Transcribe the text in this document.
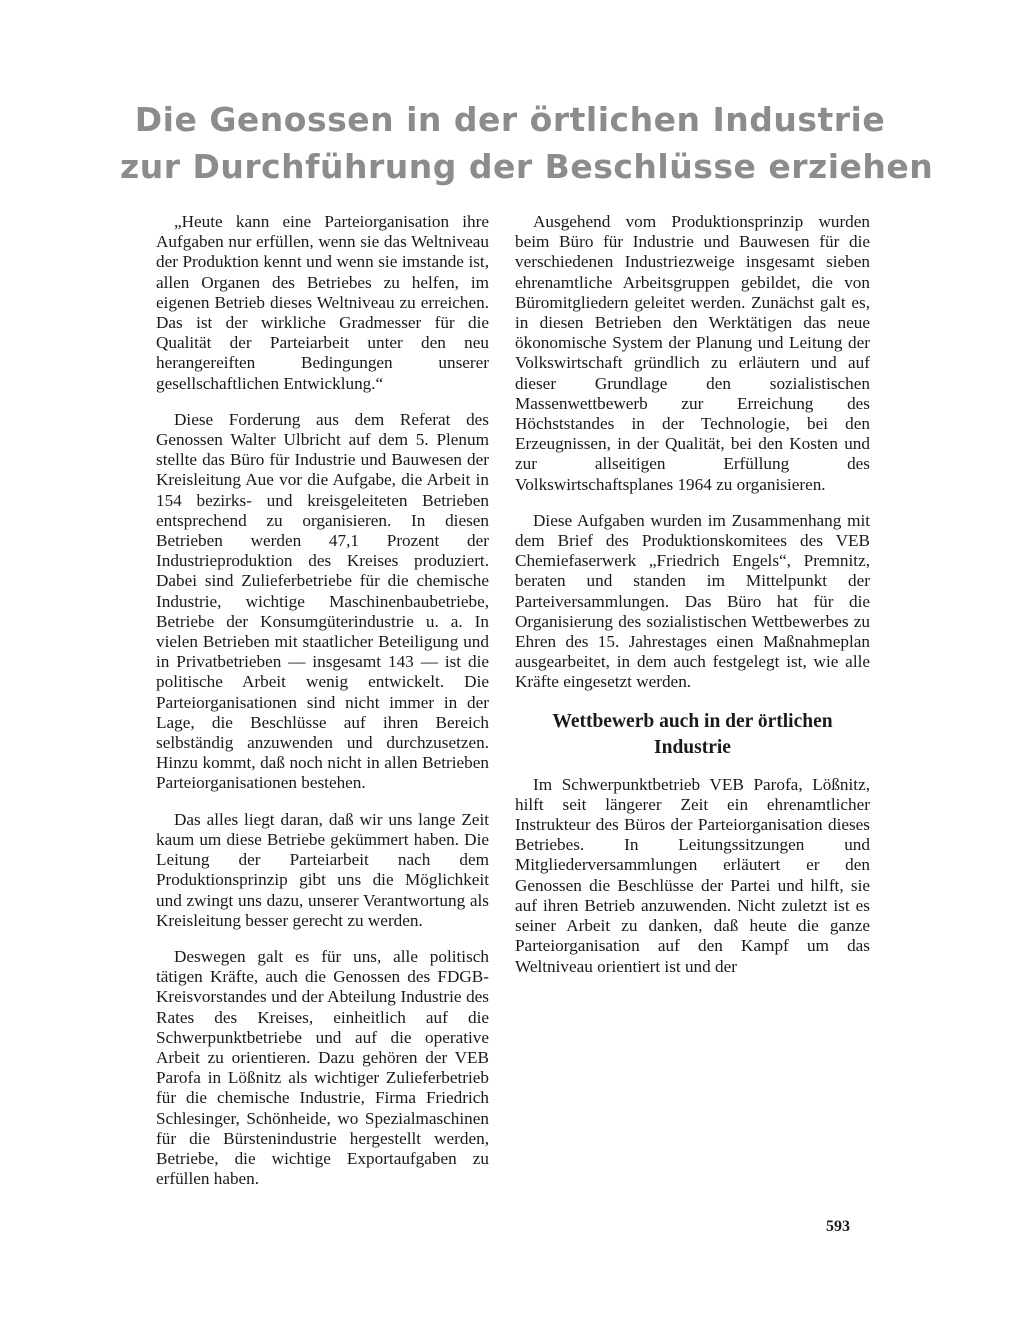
Die Genossen in der örtlichen Industrie
zur Durchführung der Beschlüsse erziehen

„Heute kann eine Parteiorganisation ihre Aufgaben nur erfüllen, wenn sie das Weltniveau der Produktion kennt und wenn sie imstande ist, allen Organen des Betriebes zu helfen, im eigenen Betrieb dieses Weltniveau zu erreichen. Das ist der wirkliche Gradmesser für die Qualität der Parteiarbeit unter den neu herangereiften Bedingungen unserer gesellschaftlichen Entwicklung.“

Diese Forderung aus dem Referat des Genossen Walter Ulbricht auf dem 5. Plenum stellte das Büro für Industrie und Bauwesen der Kreisleitung Aue vor die Aufgabe, die Arbeit in 154 bezirks- und kreisgeleiteten Betrieben entsprechend zu organisieren. In diesen Betrieben werden 47,1 Prozent der Industrieproduktion des Kreises produziert. Dabei sind Zulieferbetriebe für die chemische Industrie, wichtige Maschinenbaubetriebe, Betriebe der Konsumgüterindustrie u. a. In vielen Betrieben mit staatlicher Beteiligung und in Privatbetrieben — insgesamt 143 — ist die politische Arbeit wenig entwickelt. Die Parteiorganisationen sind nicht immer in der Lage, die Beschlüsse auf ihren Bereich selbständig anzuwenden und durchzusetzen. Hinzu kommt, daß noch nicht in allen Betrieben Parteiorganisationen bestehen.

Das alles liegt daran, daß wir uns lange Zeit kaum um diese Betriebe gekümmert haben. Die Leitung der Parteiarbeit nach dem Produktionsprinzip gibt uns die Möglichkeit und zwingt uns dazu, unserer Verantwortung als Kreisleitung besser gerecht zu werden.

Deswegen galt es für uns, alle politisch tätigen Kräfte, auch die Genossen des FDGB-Kreisvorstandes und der Abteilung Industrie des Rates des Kreises, einheitlich auf die Schwerpunktbetriebe und auf die operative Arbeit zu orientieren. Dazu gehören der VEB Parofa in Lößnitz als wichtiger Zulieferbetrieb für die chemische Industrie, Firma Friedrich Schlesinger, Schönheide, wo Spezialmaschinen für die Bürstenindustrie hergestellt werden, Betriebe, die wichtige Exportaufgaben zu erfüllen haben.

Ausgehend vom Produktionsprinzip wurden beim Büro für Industrie und Bauwesen für die verschiedenen Industriezweige insgesamt sieben ehrenamtliche Arbeitsgruppen gebildet, die von Büromitgliedern geleitet werden. Zunächst galt es, in diesen Betrieben den Werktätigen das neue ökonomische System der Planung und Leitung der Volkswirtschaft gründlich zu erläutern und auf dieser Grundlage den sozialistischen Massenwettbewerb zur Erreichung des Höchststandes in der Technologie, bei den Erzeugnissen, in der Qualität, bei den Kosten und zur allseitigen Erfüllung des Volkswirtschaftsplanes 1964 zu organisieren.

Diese Aufgaben wurden im Zusammenhang mit dem Brief des Produktionskomitees des VEB Chemiefaserwerk „Friedrich Engels“, Premnitz, beraten und standen im Mittelpunkt der Parteiversammlungen. Das Büro hat für die Organisierung des sozialistischen Wettbewerbes zu Ehren des 15. Jahrestages einen Maßnahmeplan ausgearbeitet, in dem auch festgelegt ist, wie alle Kräfte eingesetzt werden.

Wettbewerb auch in der örtlichen Industrie

Im Schwerpunktbetrieb VEB Parofa, Lößnitz, hilft seit längerer Zeit ein ehrenamtlicher Instrukteur des Büros der Parteiorganisation dieses Betriebes. In Leitungssitzungen und Mitgliederversammlungen erläutert er den Genossen die Beschlüsse der Partei und hilft, sie auf ihren Betrieb anzuwenden. Nicht zuletzt ist es seiner Arbeit zu danken, daß heute die ganze Parteiorganisation auf den Kampf um das Weltniveau orientiert ist und der

593
